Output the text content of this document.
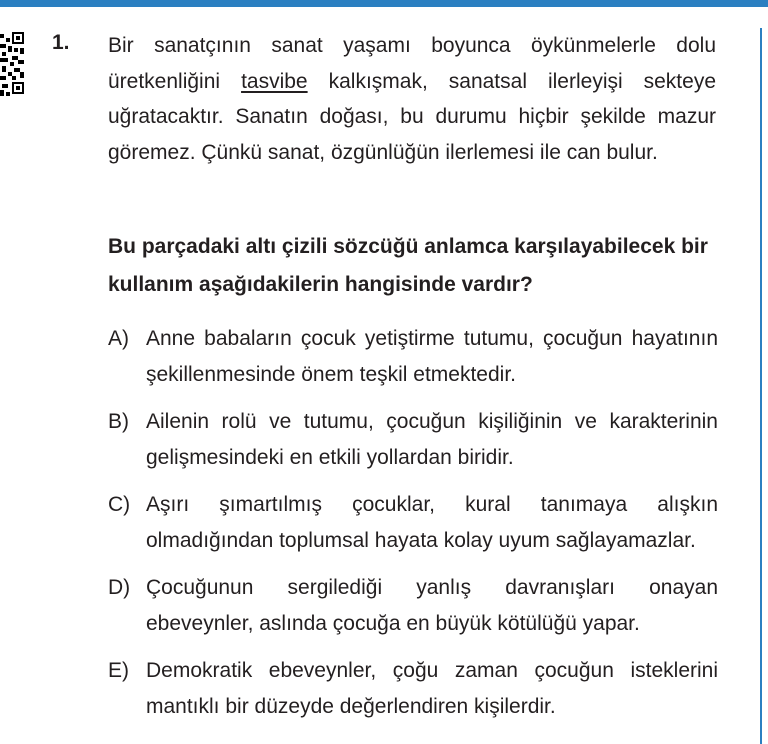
1. Bir sanatçının sanat yaşamı boyunca öykünmelerle dolu üretkenliğini tasvibe kalkışmak, sanatsal ilerleyişi sekteye uğratacaktır. Sanatın doğası, bu durumu hiçbir şekilde mazur göremez. Çünkü sanat, özgünlüğün ilerlemesi ile can bulur.

Bu parçadaki altı çizili sözcüğü anlamca karşılayabilecek bir kullanım aşağıdakilerin hangisinde vardır?

A) Anne babaların çocuk yetiştirme tutumu, çocuğun hayatının şekillenmesinde önem teşkil etmektedir.
B) Ailenin rolü ve tutumu, çocuğun kişiliğinin ve karakterinin gelişmesindeki en etkili yollardan biridir.
C) Aşırı şımartılmış çocuklar, kural tanımaya alışkın olmadığından toplumsal hayata kolay uyum sağlayamazlar.
D) Çocuğunun sergilediği yanlış davranışları onayan ebeveynler, aslında çocuğa en büyük kötülüğü yapar.
E) Demokratik ebeveynler, çoğu zaman çocuğun isteklerini mantıklı bir düzeyde değerlendiren kişilerdir.
